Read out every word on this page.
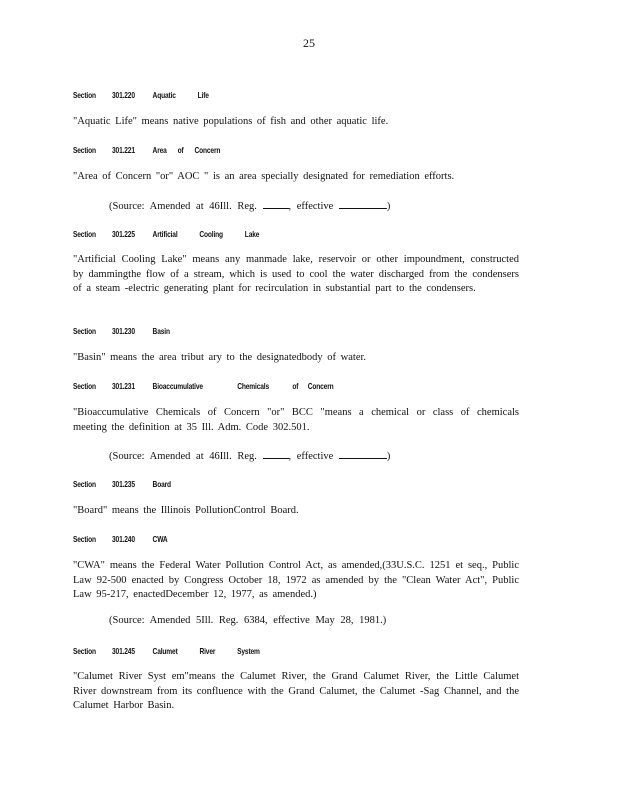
25
Section 301.220 Aquatic	Life
"Aquatic Life" means native populations of fish and other aquatic life.
Section 301.221 Area of Concern
"Area of Concern "or" AOC " is an area specially designated for remediation efforts.
(Source: Amended at 46Ill. Reg.	, effective	)
Section 301.225 Artificial	Cooling	Lake
"Artificial Cooling Lake" means any manmade lake, reservoir or other impoundment, constructed by dammingthe flow of a stream, which is used to cool the water discharged from the condensers of a steam -electric generating plant for recirculation in substantial part to the condensers.
Section 301.230 Basin
"Basin" means the area tribut ary to the designatedbody of water.
Section 301.231 Bioaccumulative	Chemicals	of Concern
"Bioaccumulative Chemicals of Concern "or" BCC "means a chemical or class of chemicals meeting the definition at 35 Ill. Adm. Code 302.501.
(Source: Amended at 46Ill. Reg.	, effective	)
Section 301.235 Board
"Board" means the Illinois PollutionControl Board.
Section 301.240 CWA
"CWA" means the Federal Water Pollution Control Act, as amended,(33U.S.C. 1251 et seq., Public Law 92-500 enacted by Congress October 18, 1972 as amended by the "Clean Water Act", Public Law 95-217, enactedDecember 12, 1977, as amended.)
(Source: Amended 5Ill. Reg. 6384, effective May 28, 1981.)
Section 301.245 Calumet	River	System
"Calumet River Syst em"means the Calumet River, the Grand Calumet River, the Little Calumet River downstream from its confluence with the Grand Calumet, the Calumet -Sag Channel, and the Calumet Harbor Basin.
